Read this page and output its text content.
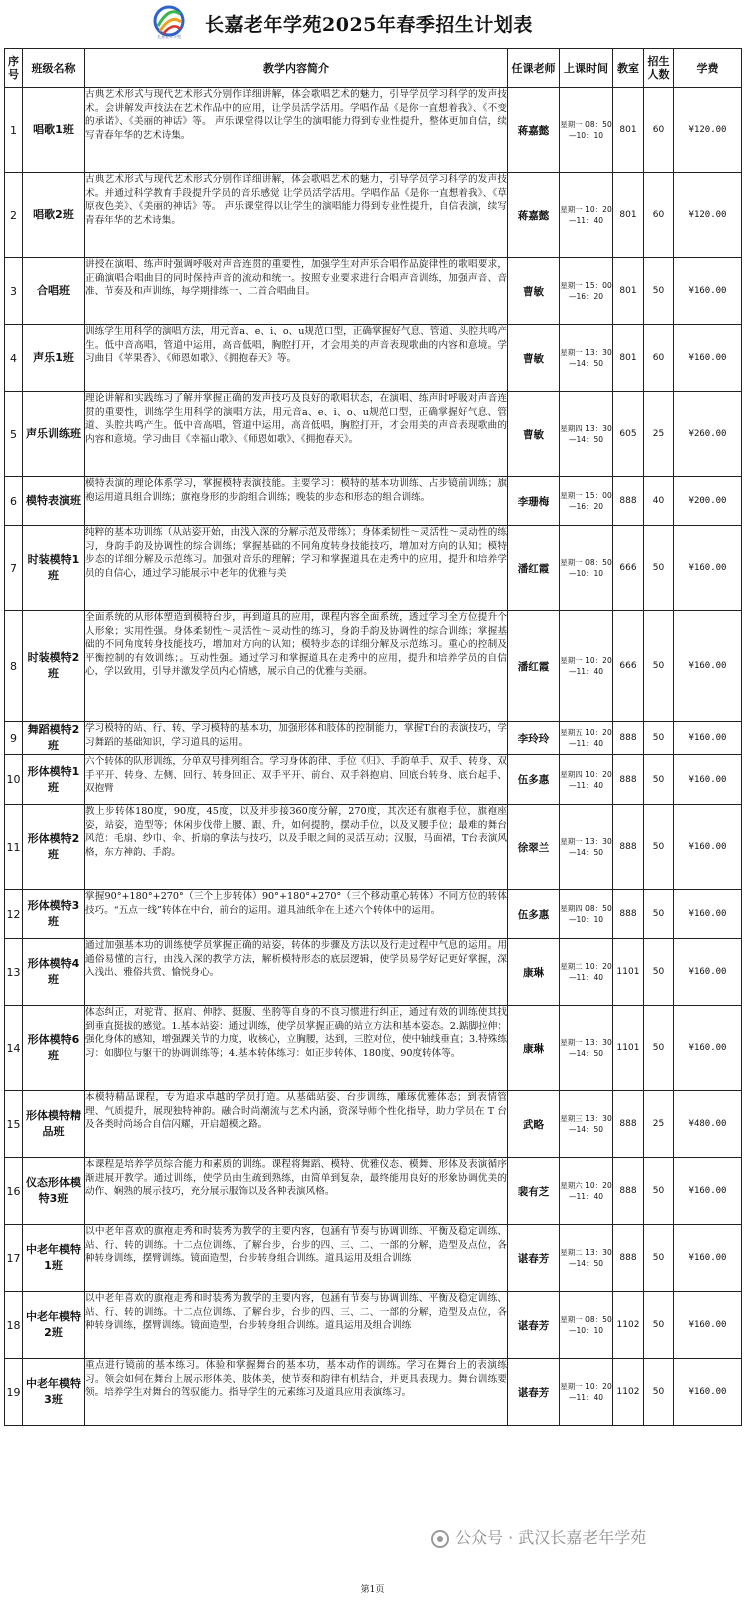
长嘉老年学苑
长嘉老年学苑2025年春季招生计划表
序号	班级名称	教学内容简介	任课老师	上课时间	教室	招生人数	学费
1	唱歌1班	古典艺术形式与现代艺术形式分别作详细讲解，体会歌唱艺术的魅力，引导学员学习科学的发声技术。会讲解发声技法在艺术作品中的应用，让学员活学活用。学唱作品《是你一直想着我》、《不变的承诺》、《美丽的神话》等。 声乐课堂得以让学生的演唱能力得到专业性提升，整体更加自信，续写青春年华的艺术诗集。	蒋嘉懿	星期一 08：50—10：10	801	60	¥120.00
2	唱歌2班	古典艺术形式与现代艺术形式分别作详细讲解，体会歌唱艺术的魅力，引导学员学习科学的发声技术。并通过科学教育手段提升学员的音乐感觉 让学员活学活用。学唱作品《是你一直想着我》、《草原夜色美》、《美丽的神话》等。 声乐课堂得以让学生的演唱能力得到专业性提升，自信表演，续写青春年华的艺术诗集。	蒋嘉懿	星期一 10：20—11：40	801	60	¥120.00
3	合唱班	讲授在演唱、练声时强调呼吸对声音连贯的重要性，加强学生对声乐合唱作品旋律性的歌唱要求，正确演唱合唱曲目的同时保持声音的流动和统一。按照专业要求进行合唱声音训练，加强声音、音准、节奏及和声训练，每学期排练一、二首合唱曲目。	曹敏	星期一 15：00—16：20	801	50	¥160.00
4	声乐1班	训练学生用科学的演唱方法，用元音a、e、i、o、u规范口型，正确掌握好气息、管道、头腔共鸣产生。低中音高唱，管道中运用，高音低唱，胸腔打开，才会用美的声音表现歌曲的内容和意境。学习曲目《苹果香》、《师恩如歌》、《拥抱春天》等。	曹敏	星期一 13：30—14：50	801	60	¥160.00
5	声乐训练班	理论讲解和实践练习了解并掌握正确的发声技巧及良好的歌唱状态，在演唱、练声时呼吸对声音连贯的重要性，训练学生用科学的演唱方法，用元音a、e、i、o、u规范口型，正确掌握好气息、管道、头腔共鸣产生。低中音高唱，管道中运用，高音低唱，胸腔打开，才会用美的声音表现歌曲的内容和意境。学习曲目《幸福山歌》、《师恩如歌》、《拥抱春天》。	曹敏	星期四 13：30—14：50	605	25	¥260.00
6	模特表演班	模特表演的理论体系学习，掌握模特表演技能。主要学习：模特的基本功训练、占步镜前训练；旗袍运用道具组合训练；旗袍身形的步韵组合训练；晚装的步态和形态的组合训练。	李珊梅	星期一 15：00—16：20	888	40	¥200.00
7	时装模特1班	纯粹的基本功训练（从站姿开始，由浅入深的分解示范及带练）；身体柔韧性～灵活性～灵动性的练习，身韵手韵及协调性的综合训练；掌握基础的不同角度转身技能技巧，增加对方向的认知；模特步态的详细分解及示范练习。加强对音乐的理解；学习和掌握道具在走秀中的应用，提升和培养学员的自信心，通过学习能展示中老年的优雅与美	潘红霞	星期一 08：50—10：10	666	50	¥160.00
8	时装模特2班	全面系统的从形体塑造到模特台步，再到道具的应用，课程内容全面系统，透过学习全方位提升个人形象；实用性强。身体柔韧性～灵活性～灵动性的练习，身韵手韵及协调性的综合训练；掌握基础的不同角度转身技能技巧，增加对方向的认知；模特步态的详细分解及示范练习。重心的控制及平衡控制的有效训练；。互动性强。通过学习和掌握道具在走秀中的应用，提升和培养学员的自信心，学以致用，引导并激发学员内心情感，展示自己的优雅与美丽。	潘红霞	星期一 10：20—11：40	666	50	¥160.00
9	舞蹈模特2班	学习模特的站、行、转、学习模特的基本功，加强形体和肢体的控制能力，掌握T台的表演技巧，学习舞蹈的基础知识，学习道具的运用。	李玲玲	星期五 10：20—11：40	888	50	¥160.00
10	形体模特1班	六个转体的队形训练，分单双号排列组合。学习身体韵律、手位《归》、手韵单手、双手、转身、双手平开、转身、左侧、回行、转身回正、双手平开、前台、双手斜抱肩、回底台转身、底台起手、双抱臂	伍多惠	星期四 10：20—11：40	888	50	¥160.00
11	形体模特2班	教上步转体180度，90度，45度，以及并步接360度分解，270度，其次还有旗袍手位，旗袍座姿，站姿，造型等；休闲步伐带上腰、跟、升，如何提胯，摆动手位，以及叉腰手位；最难的舞台风范：毛扇、纱巾、伞、折扇的拿法与技巧，以及手眼之间的灵活互动；汉服，马面裙，T台表演风格，东方神韵、手韵。	徐翠兰	星期一 13：30—14：50	888	50	¥160.00
12	形体模特3班	掌握90°+180°+270°（三个上步转体）90°+180°+270°（三个移动重心转体）不同方位的转体技巧。“五点一线”转体在中台，前台的运用。道具油纸伞在上述六个转体中的运用。	伍多惠	星期四 08：50—10：10	888	50	¥160.00
13	形体模特4班	通过加强基本功的训练使学员掌握正确的站姿，转体的步骤及方法以及行走过程中气息的运用。用通俗易懂的言行，由浅入深的教学方法，解析模特形态的底层逻辑，使学员易学好记更好掌握，深入浅出、雅俗共赏、愉悦身心。	康琳	星期二 10：20—11：40	1101	50	¥160.00
14	形体模特6班	体态纠正，对驼背、抠肩、伸脖、挺腹、坐胯等自身的不良习惯进行纠正，通过有效的训练使其找到垂直挺拔的感觉。1.基本站姿：通过训练，使学员掌握正确的站立方法和基本姿态。2.踮脚拉伸：强化身体的感知，增强踝关节的力度，收核心，立胸腰，达到，三腔对位，使中轴线垂直；3.特殊练习：如脚位与躯干的协调训练等；4.基本转体练习：如正步转体、180度、90度转体等。	康琳	星期一 13：30—14：50	1101	50	¥160.00
15	形体模特精品班	本模特精品课程，专为追求卓越的学员打造。从基础站姿、台步训练，雕琢优雅体态；到表情管理、气质提升，展现独特神韵。融合时尚潮流与艺术内涵，资深导师个性化指导，助力学员在 T 台及各类时尚场合自信闪耀，开启超模之路。	武略	星期三 13：30—14：50	888	25	¥480.00
16	仪态形体模特3班	本课程是培养学员综合能力和素质的训练。课程将舞蹈、模特、优雅仪态、模舞、形体及表演循序渐进展开教学。通过训练，使学员由生疏到熟练，由简单到复杂，最终能用良好的形象协调优美的动作、娴熟的展示技巧，充分展示服饰以及各种表演风格。	裴有芝	星期六 10：20—11：40	888	50	¥160.00
17	中老年模特1班	以中老年喜欢的旗袍走秀和时装秀为教学的主要内容，包涵有节奏与协调训练、平衡及稳定训练、站、行、转的训练。十二点位训练、了解台步，台步的四、三、二、一部的分解，造型及点位，各种转身训练，摆臂训练。镜面造型，台步转身组合训练。道具运用及组合训练	谌春芳	星期二 13：30—14：50	888	50	¥160.00
18	中老年模特2班	以中老年喜欢的旗袍走秀和时装秀为教学的主要内容，包涵有节奏与协调训练、平衡及稳定训练、站、行、转的训练。十二点位训练、了解台步，台步的四、三、二、一部的分解，造型及点位，各种转身训练，摆臂训练。镜面造型，台步转身组合训练。道具运用及组合训练	谌春芳	星期一 08：50—10：10	1102	50	¥160.00
19	中老年模特3班	重点进行镜前的基本练习。体验和掌握舞台的基本功，基本动作的训练。学习在舞台上的表演练习。领会如何在舞台上展示形体美、肢体美，使节奏和韵律有机结合，并更具表现力。舞台训练要领。培养学生对舞台的驾驭能力。指导学生的元素练习及道具应用表演练习。	谌春芳	星期一 10：20—11：40	1102	50	¥160.00
公众号 · 武汉长嘉老年学苑
第1页
